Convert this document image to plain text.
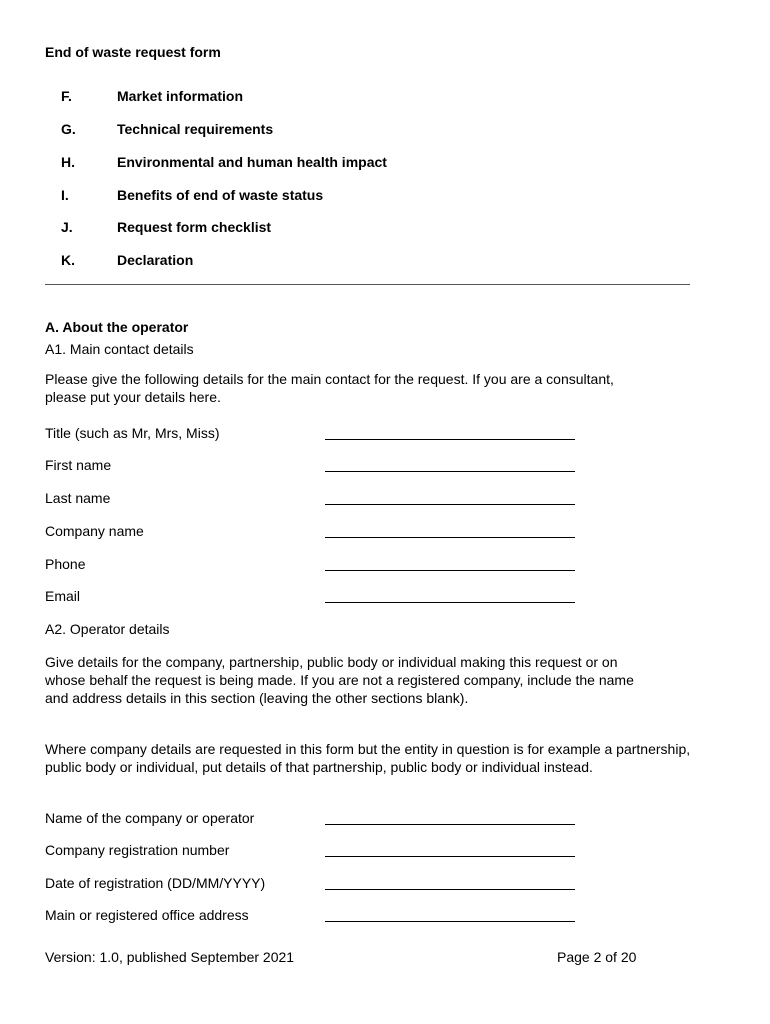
End of waste request form
F.	Market information
G.	Technical requirements
H.	Environmental and human health impact
I.	Benefits of end of waste status
J.	Request form checklist
K.	Declaration
A. About the operator
A1. Main contact details
Please give the following details for the main contact for the request. If you are a consultant, please put your details here.
Title (such as Mr, Mrs, Miss)
First name
Last name
Company name
Phone
Email
A2. Operator details
Give details for the company, partnership, public body or individual making this request or on whose behalf the request is being made. If you are not a registered company, include the name and address details in this section (leaving the other sections blank).
Where company details are requested in this form but the entity in question is for example a partnership, public body or individual, put details of that partnership, public body or individual instead.
Name of the company or operator
Company registration number
Date of registration (DD/MM/YYYY)
Main or registered office address
Version: 1.0, published September 2021	Page 2 of 20
